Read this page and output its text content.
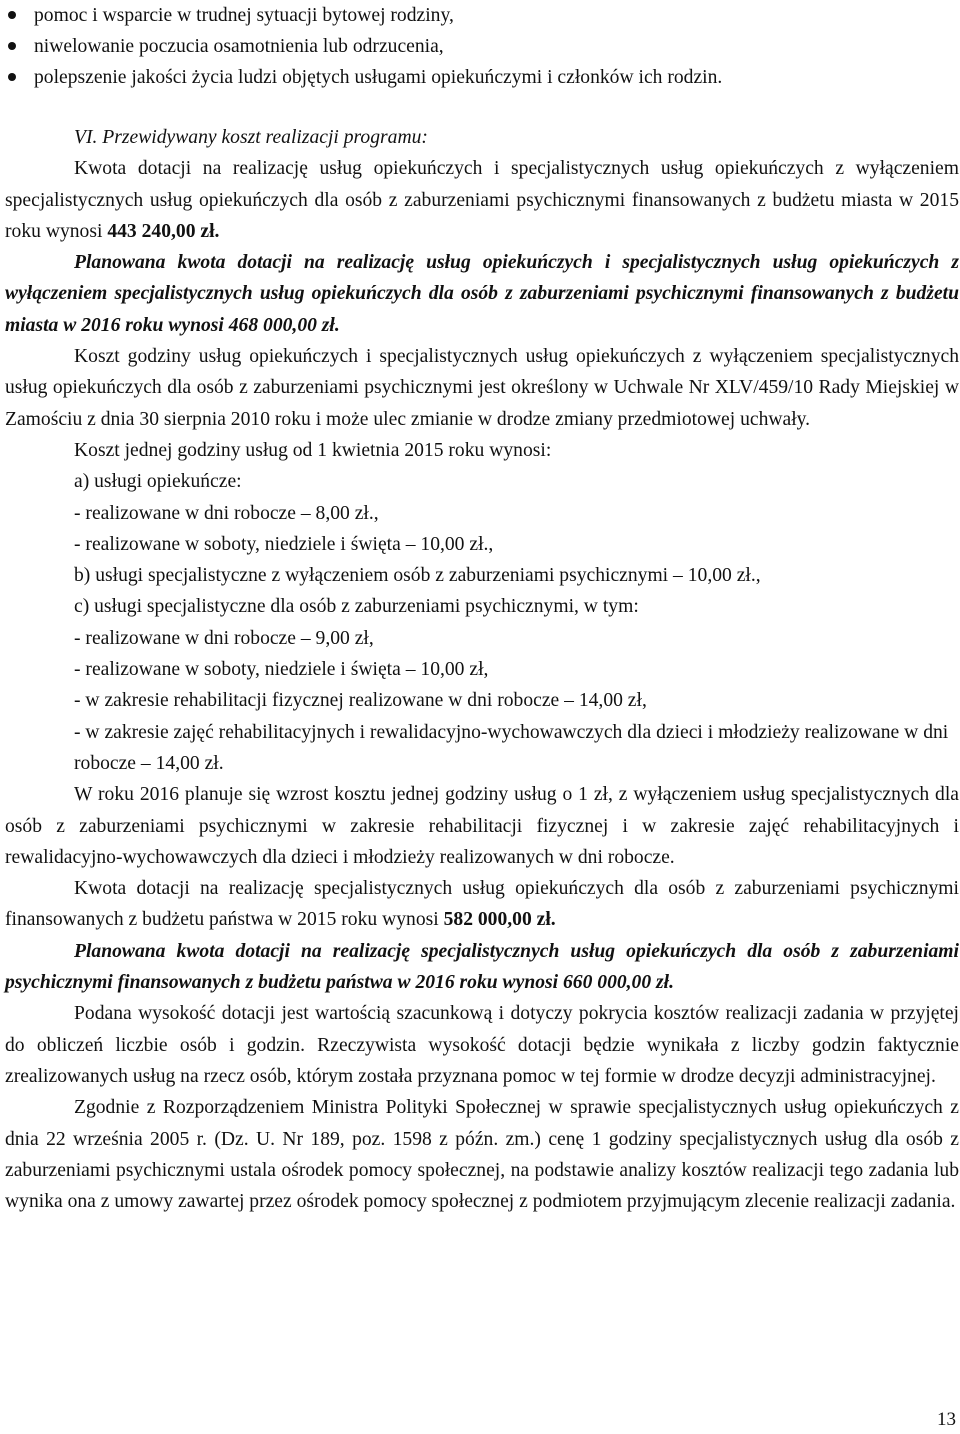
pomoc i wsparcie w trudnej sytuacji bytowej rodziny,
niwelowanie poczucia osamotnienia lub odrzucenia,
polepszenie jakości życia ludzi objętych usługami opiekuńczymi i członków ich rodzin.

VI. Przewidywany koszt realizacji programu:

Kwota dotacji na realizację usług opiekuńczych i specjalistycznych usług opiekuńczych z wyłączeniem specjalistycznych usług opiekuńczych dla osób z zaburzeniami psychicznymi finansowanych z budżetu miasta w 2015 roku wynosi 443 240,00 zł.

Planowana kwota dotacji na realizację usług opiekuńczych i specjalistycznych usług opiekuńczych z wyłączeniem specjalistycznych usług opiekuńczych dla osób z zaburzeniami psychicznymi finansowanych z budżetu miasta w 2016 roku wynosi 468 000,00 zł.

Koszt godziny usług opiekuńczych i specjalistycznych usług opiekuńczych z wyłączeniem specjalistycznych usług opiekuńczych dla osób z zaburzeniami psychicznymi jest określony w Uchwale Nr XLV/459/10 Rady Miejskiej w Zamościu z dnia 30 sierpnia 2010 roku i może ulec zmianie w drodze zmiany przedmiotowej uchwały.

Koszt jednej godziny usług od 1 kwietnia 2015 roku wynosi:

a) usługi opiekuńcze:

- realizowane w dni robocze – 8,00 zł.,

- realizowane w soboty, niedziele i święta – 10,00 zł.,

b) usługi specjalistyczne z wyłączeniem osób z zaburzeniami psychicznymi – 10,00 zł.,

c) usługi specjalistyczne dla osób z zaburzeniami psychicznymi, w tym:

- realizowane w dni robocze – 9,00 zł,

- realizowane w soboty, niedziele i święta – 10,00 zł,

- w zakresie rehabilitacji fizycznej realizowane w dni robocze – 14,00 zł,

- w zakresie zajęć rehabilitacyjnych i rewalidacyjno-wychowawczych dla dzieci i młodzieży realizowane w dni robocze – 14,00 zł.

W roku 2016 planuje się wzrost kosztu jednej godziny usług o 1 zł, z wyłączeniem usług specjalistycznych dla osób z zaburzeniami psychicznymi w zakresie rehabilitacji fizycznej i w zakresie zajęć rehabilitacyjnych i rewalidacyjno-wychowawczych dla dzieci i młodzieży realizowanych w dni robocze.

Kwota dotacji na realizację specjalistycznych usług opiekuńczych dla osób z zaburzeniami psychicznymi finansowanych z budżetu państwa w 2015 roku wynosi 582 000,00 zł.

Planowana kwota dotacji na realizację specjalistycznych usług opiekuńczych dla osób z zaburzeniami psychicznymi finansowanych z budżetu państwa w 2016 roku wynosi 660 000,00 zł.

Podana wysokość dotacji jest wartością szacunkową i dotyczy pokrycia kosztów realizacji zadania w przyjętej do obliczeń liczbie osób i godzin. Rzeczywista wysokość dotacji będzie wynikała z liczby godzin faktycznie zrealizowanych usług na rzecz osób, którym została przyznana pomoc w tej formie w drodze decyzji administracyjnej.

Zgodnie z Rozporządzeniem Ministra Polityki Społecznej w sprawie specjalistycznych usług opiekuńczych z dnia 22 września 2005 r. (Dz. U. Nr 189, poz. 1598 z późn. zm.) cenę 1 godziny specjalistycznych usług dla osób z zaburzeniami psychicznymi ustala ośrodek pomocy społecznej, na podstawie analizy kosztów realizacji tego zadania lub wynika ona z umowy zawartej przez ośrodek pomocy społecznej z podmiotem przyjmującym zlecenie realizacji zadania.

13
